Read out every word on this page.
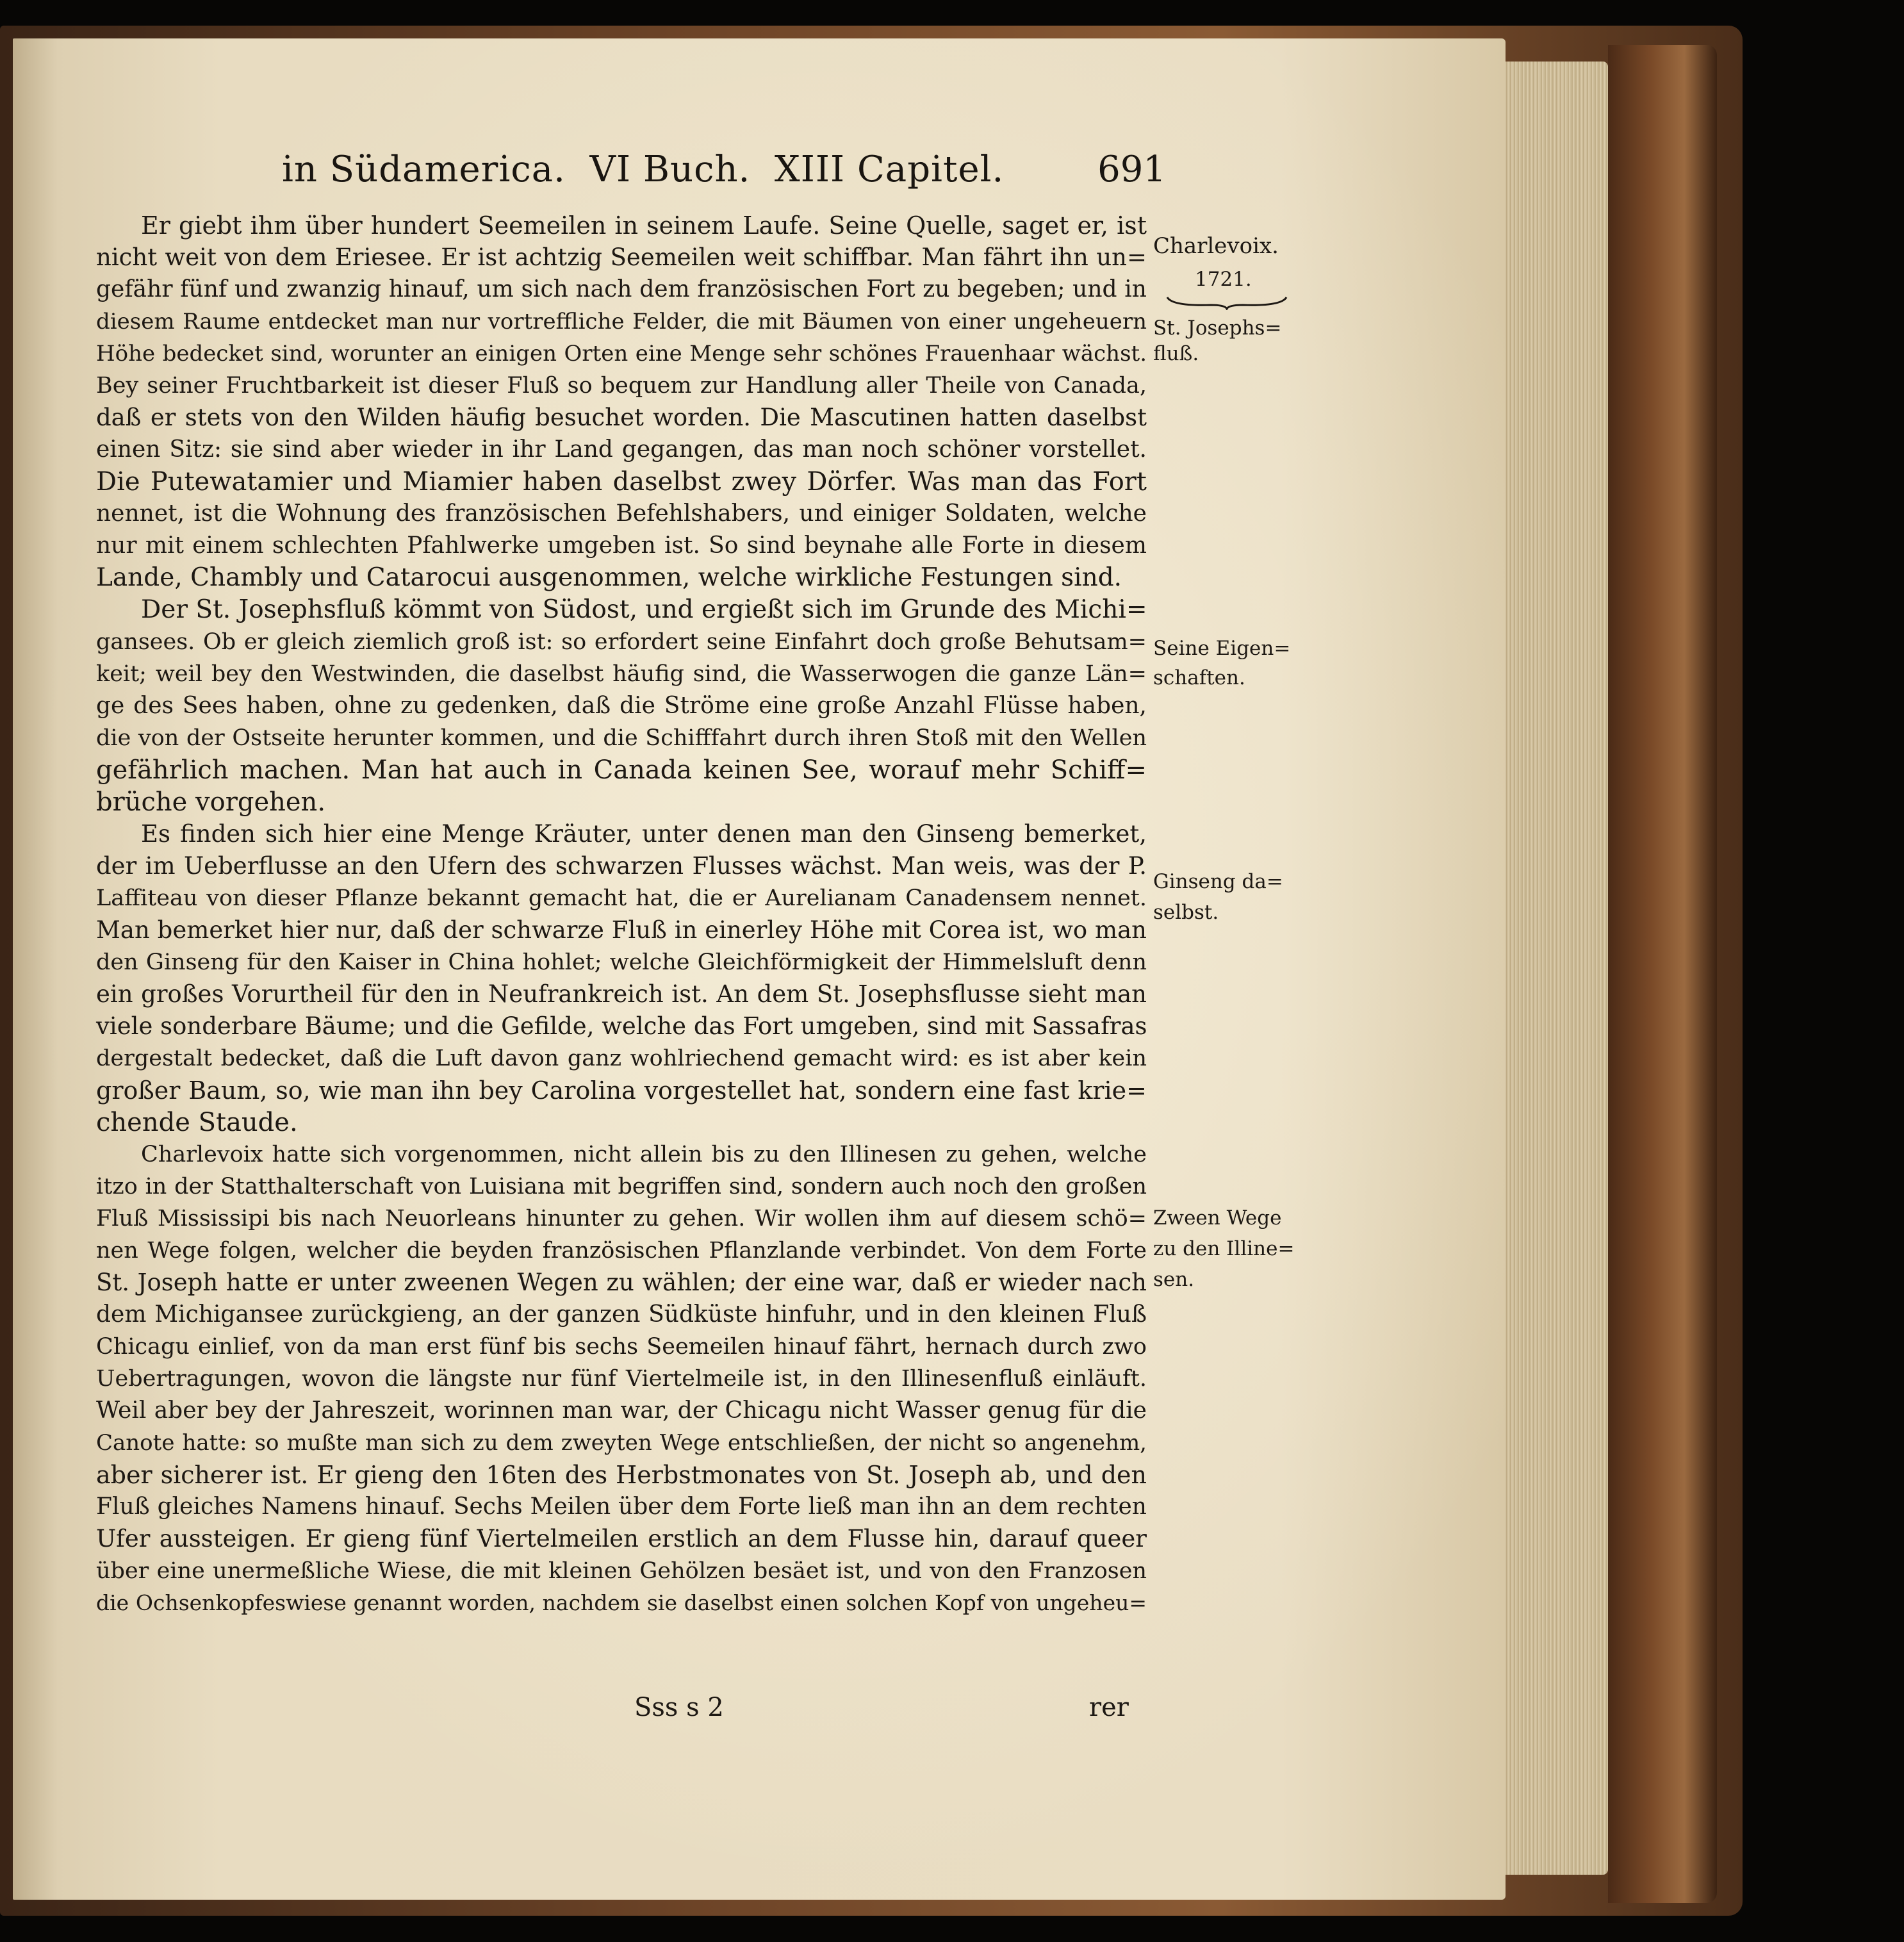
in Südamerica.  VI Buch.  XIII Capitel.	691
Er giebt ihm über hundert Seemeilen in seinem Laufe. Seine Quelle, saget er, ist
nicht weit von dem Eriesee. Er ist achtzig Seemeilen weit schiffbar. Man fährt ihn un=
gefähr fünf und zwanzig hinauf, um sich nach dem französischen Fort zu begeben; und in
diesem Raume entdecket man nur vortreffliche Felder, die mit Bäumen von einer ungeheuern
Höhe bedecket sind, worunter an einigen Orten eine Menge sehr schönes Frauenhaar wächst.
Bey seiner Fruchtbarkeit ist dieser Fluß so bequem zur Handlung aller Theile von Canada,
daß er stets von den Wilden häufig besuchet worden. Die Mascutinen hatten daselbst
einen Sitz: sie sind aber wieder in ihr Land gegangen, das man noch schöner vorstellet.
Die Putewatamier und Miamier haben daselbst zwey Dörfer. Was man das Fort
nennet, ist die Wohnung des französischen Befehlshabers, und einiger Soldaten, welche
nur mit einem schlechten Pfahlwerke umgeben ist. So sind beynahe alle Forte in diesem
Lande, Chambly und Catarocui ausgenommen, welche wirkliche Festungen sind.
Der St. Josephsfluß kömmt von Südost, und ergießt sich im Grunde des Michi=
gansees. Ob er gleich ziemlich groß ist: so erfordert seine Einfahrt doch große Behutsam=
keit; weil bey den Westwinden, die daselbst häufig sind, die Wasserwogen die ganze Län=
ge des Sees haben, ohne zu gedenken, daß die Ströme eine große Anzahl Flüsse haben,
die von der Ostseite herunter kommen, und die Schifffahrt durch ihren Stoß mit den Wellen
gefährlich machen. Man hat auch in Canada keinen See, worauf mehr Schiff=
brüche vorgehen.
Es finden sich hier eine Menge Kräuter, unter denen man den Ginseng bemerket,
der im Ueberflusse an den Ufern des schwarzen Flusses wächst. Man weis, was der P.
Laffiteau von dieser Pflanze bekannt gemacht hat, die er Aurelianam Canadensem nennet.
Man bemerket hier nur, daß der schwarze Fluß in einerley Höhe mit Corea ist, wo man
den Ginseng für den Kaiser in China hohlet; welche Gleichförmigkeit der Himmelsluft denn
ein großes Vorurtheil für den in Neufrankreich ist. An dem St. Josephsflusse sieht man
viele sonderbare Bäume; und die Gefilde, welche das Fort umgeben, sind mit Sassafras
dergestalt bedecket, daß die Luft davon ganz wohlriechend gemacht wird: es ist aber kein
großer Baum, so, wie man ihn bey Carolina vorgestellet hat, sondern eine fast krie=
chende Staude.
Charlevoix hatte sich vorgenommen, nicht allein bis zu den Illinesen zu gehen, welche
itzo in der Statthalterschaft von Luisiana mit begriffen sind, sondern auch noch den großen
Fluß Mississipi bis nach Neuorleans hinunter zu gehen. Wir wollen ihm auf diesem schö=
nen Wege folgen, welcher die beyden französischen Pflanzlande verbindet. Von dem Forte
St. Joseph hatte er unter zweenen Wegen zu wählen; der eine war, daß er wieder nach
dem Michigansee zurückgieng, an der ganzen Südküste hinfuhr, und in den kleinen Fluß
Chicagu einlief, von da man erst fünf bis sechs Seemeilen hinauf fährt, hernach durch zwo
Uebertragungen, wovon die längste nur fünf Viertelmeile ist, in den Illinesenfluß einläuft.
Weil aber bey der Jahreszeit, worinnen man war, der Chicagu nicht Wasser genug für die
Canote hatte: so mußte man sich zu dem zweyten Wege entschließen, der nicht so angenehm,
aber sicherer ist. Er gieng den 16ten des Herbstmonates von St. Joseph ab, und den
Fluß gleiches Namens hinauf. Sechs Meilen über dem Forte ließ man ihn an dem rechten
Ufer aussteigen. Er gieng fünf Viertelmeilen erstlich an dem Flusse hin, darauf queer
über eine unermeßliche Wiese, die mit kleinen Gehölzen besäet ist, und von den Franzosen
die Ochsenkopfeswiese genannt worden, nachdem sie daselbst einen solchen Kopf von ungeheu=
Charlevoix.
1721.
St. Josephs=
fluß.
Seine Eigen=
schaften.
Ginseng da=
selbst.
Zween Wege
zu den Illine=
sen.
Sss s 2	rer
